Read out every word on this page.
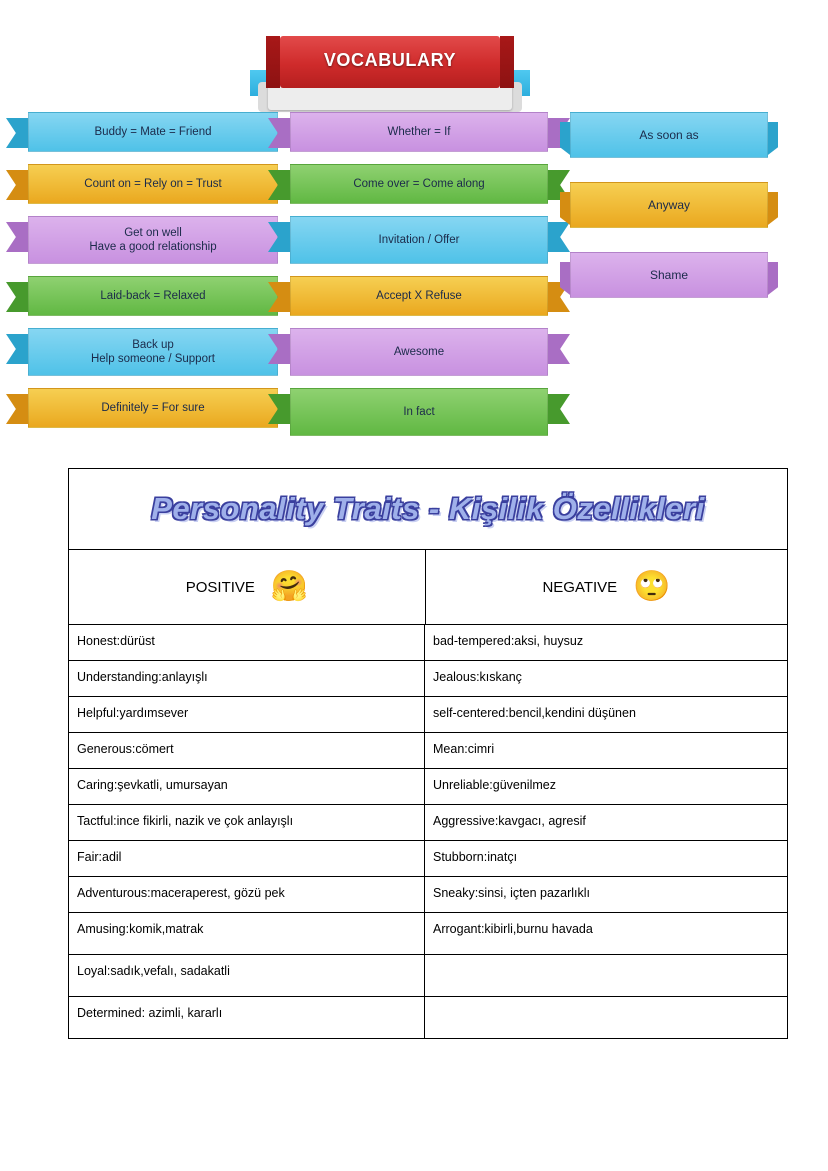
VOCABULARY
Buddy = Mate = Friend
Count on = Rely on = Trust
Get on well
Have a good relationship
Laid-back = Relaxed
Back up
Help someone / Support
Definitely = For sure
Whether = If
Come over = Come along
Invitation / Offer
Accept X Refuse
Awesome
In fact
As soon as
Anyway
Shame
Personality Traits - Kişilik Özellikleri
POSITIVE 🤗	NEGATIVE 🙄
Honest:dürüst	bad-tempered:aksi, huysuz
Understanding:anlayışlı	Jealous:kıskanç
Helpful:yardımsever	self-centered:bencil,kendini düşünen
Generous:cömert	Mean:cimri
Caring:şevkatli, umursayan	Unreliable:güvenilmez
Tactful:ince fikirli, nazik ve çok anlayışlı	Aggressive:kavgacı, agresif
Fair:adil	Stubborn:inatçı
Adventurous:maceraperest, gözü pek	Sneaky:sinsi, içten pazarlıklı
Amusing:komik,matrak	Arrogant:kibirli,burnu havada
Loyal:sadık,vefalı, sadakatli
Determined: azimli, kararlı
